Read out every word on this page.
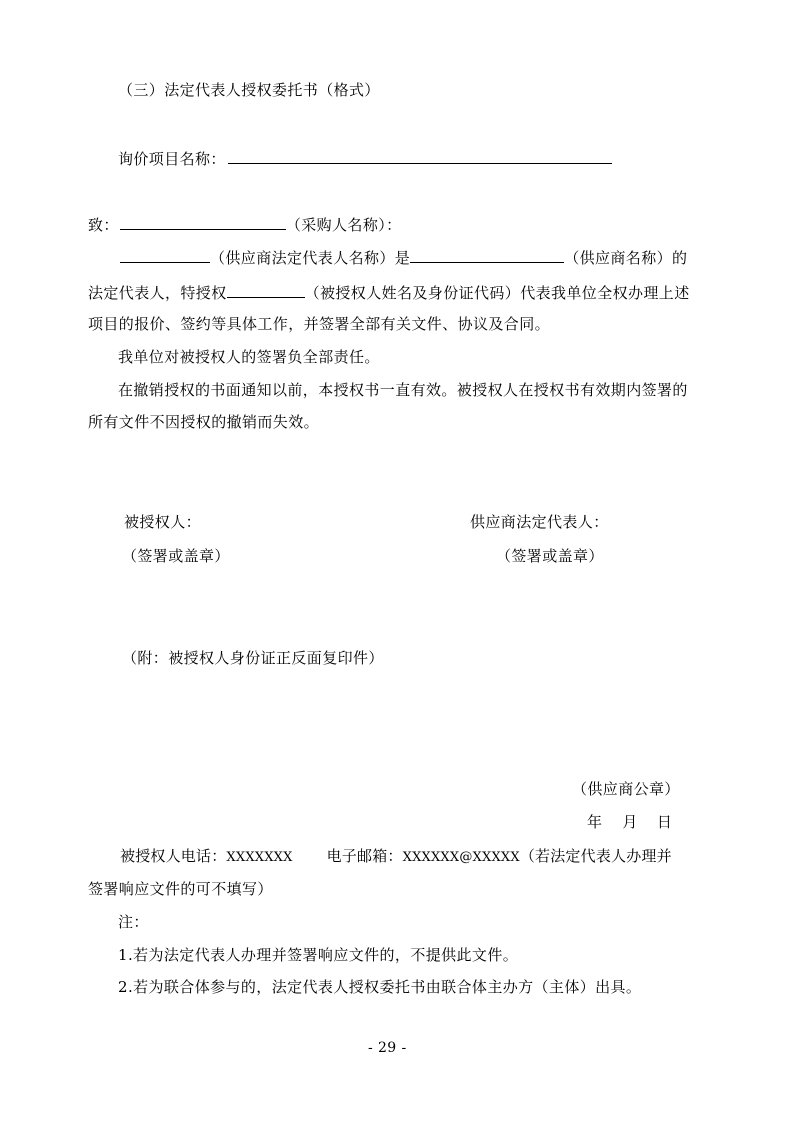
（三）法定代表人授权委托书（格式）
询价项目名称：
致：	（采购人名称）：
（供应商法定代表人名称）是	（供应商名称）的
法定代表人，特授权	（被授权人姓名及身份证代码）代表我单位全权办理上述
项目的报价、签约等具体工作，并签署全部有关文件、协议及合同。
我单位对被授权人的签署负全部责任。
在撤销授权的书面通知以前，本授权书一直有效。被授权人在授权书有效期内签署的
所有文件不因授权的撤销而失效。
被授权人：
（签署或盖章）
供应商法定代表人：
（签署或盖章）
（附：被授权人身份证正反面复印件）
（供应商公章）
年 月 日
被授权人电话：XXXXXXX 电子邮箱：XXXXXX@XXXXX（若法定代表人办理并
签署响应文件的可不填写）
注：
1.若为法定代表人办理并签署响应文件的，不提供此文件。
2.若为联合体参与的，法定代表人授权委托书由联合体主办方（主体）出具。
- 29 -
